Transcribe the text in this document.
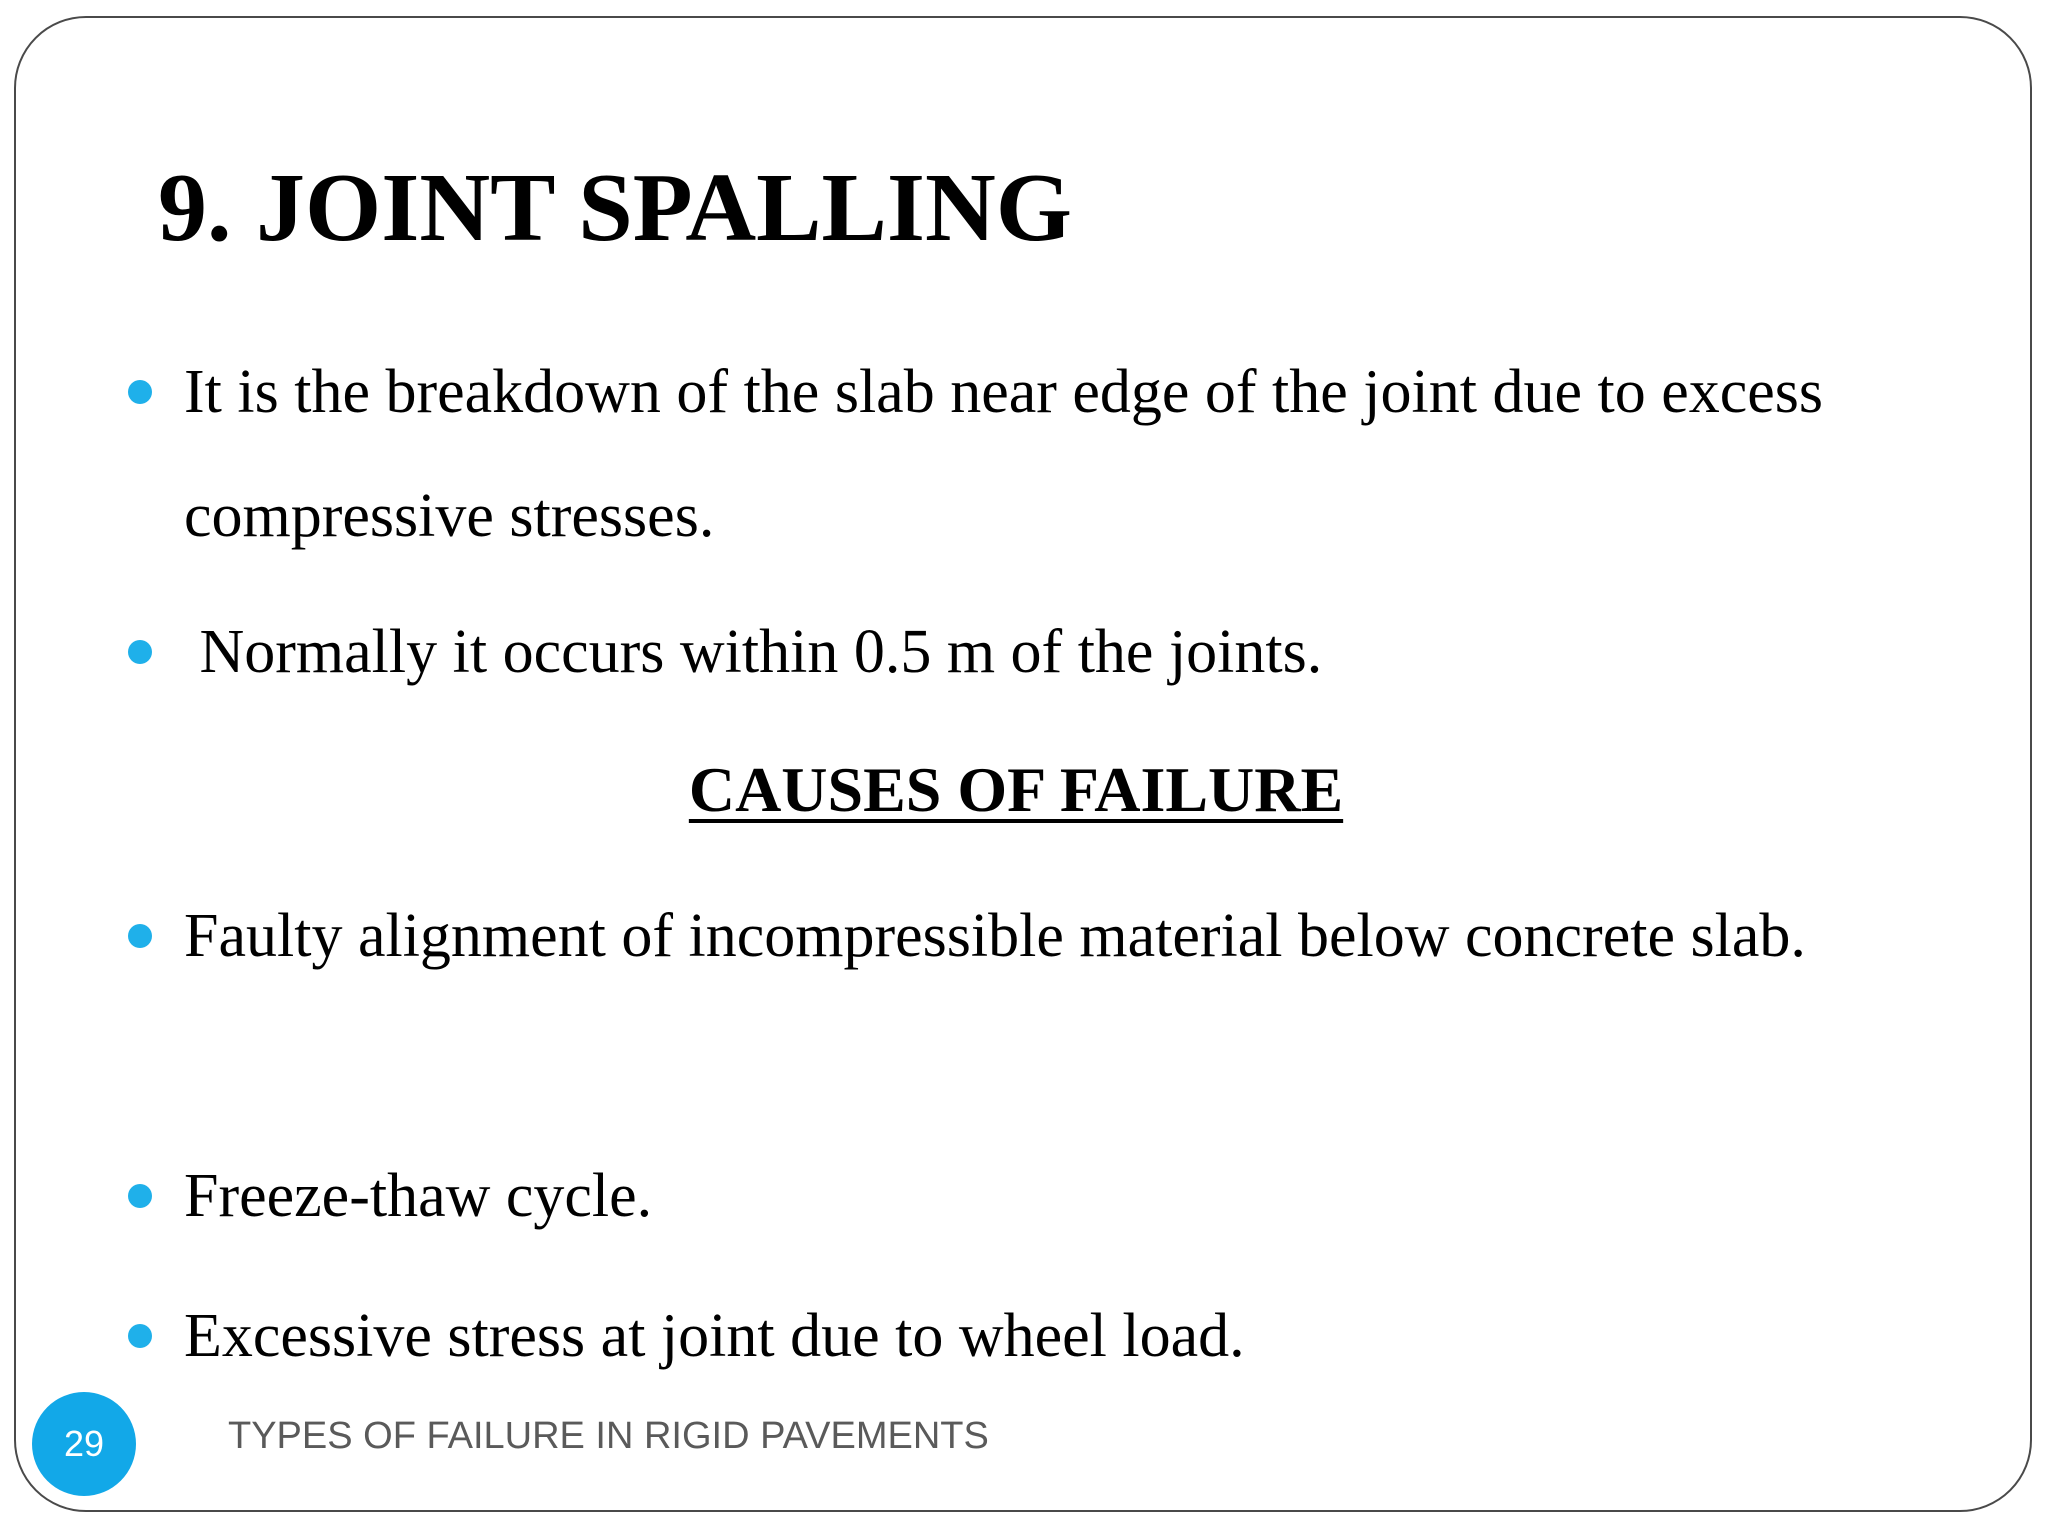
9. JOINT SPALLING
It is the breakdown of the slab near edge of the joint due to excess compressive stresses.
Normally it occurs within 0.5 m of the joints.
CAUSES OF FAILURE
Faulty alignment of incompressible material below concrete slab.
Freeze-thaw cycle.
Excessive stress at joint due to wheel load.
29	TYPES OF FAILURE IN RIGID PAVEMENTS
